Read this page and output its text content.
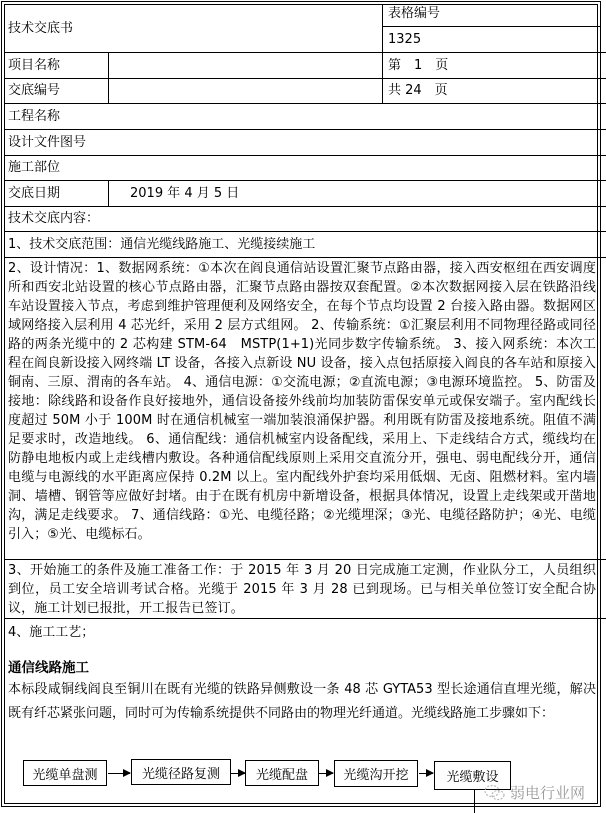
技术交底书
表格编号
1325
项目名称	第　1　页
交底编号	共 24　页
工程名称
设计文件图号
施工部位
交底日期	2019 年 4 月 5 日
技术交底内容：
1、技术交底范围：通信光缆线路施工、光缆接续施工
2、设计情况：1、数据网系统：①本次在阎良通信站设置汇聚节点路由器，接入西安枢纽在西安调度所和西安北站设置的核心节点路由器，汇聚节点路由器按双套配置。②本次数据网接入层在铁路沿线车站设置接入节点，考虑到维护管理便利及网络安全，在每个节点均设置 2 台接入路由器。数据网区域网络接入层利用 4 芯光纤，采用 2 层方式组网。 2、传输系统：①汇聚层利用不同物理径路或同径路的两条光缆中的 2 芯构建 STM-64　MSTP(1+1)光同步数字传输系统。 3、接入网系统：本次工程在阎良新设接入网终端 LT 设备，各接入点新设 NU 设备，接入点包括原接入阎良的各车站和原接入铜南、三原、渭南的各车站。 4、通信电源：①交流电源；②直流电源；③电源环境监控。 5、防雷及接地：除线路和设备作良好接地外，通信设备接外线前均加装防雷保安单元或保安端子。室内配线长度超过 50M 小于 100M 时在通信机械室一端加装浪涌保护器。利用既有防雷及接地系统。阻值不满足要求时，改造地线。 6、通信配线：通信机械室内设备配线，采用上、下走线结合方式，缆线均在防静电地板内或上走线槽内敷设。各种通信配线原则上采用交直流分开，强电、弱电配线分开，通信电缆与电源线的水平距离应保持 0.2M 以上。室内配线外护套均采用低烟、无卤、阻燃材料。室内墙洞、墙槽、钢管等应做好封堵。由于在既有机房中新增设备，根据具体情况，设置上走线架或开凿地沟，满足走线要求。 7、通信线路：①光、电缆径路；②光缆埋深；③光、电缆径路防护；④光、电缆引入；⑤光、电缆标石。
3、开始施工的条件及施工准备工作：于 2015 年 3 月 20 日完成施工定测，作业队分工，人员组织到位，员工安全培训考试合格。光缆于 2015 年 3 月 28 已到现场。已与相关单位签订安全配合协议，施工计划已报批，开工报告已签订。
4、施工工艺；
通信线路施工
本标段咸铜线阎良至铜川在既有光缆的铁路异侧敷设一条 48 芯 GYTA53 型长途通信直埋光缆，解决既有纤芯紧张问题，同时可为传输系统提供不同路由的物理光纤通道。光缆线路施工步骤如下：
光缆单盘测	光缆径路复测	光缆配盘	光缆沟开挖	光缆敷设
弱电行业网
